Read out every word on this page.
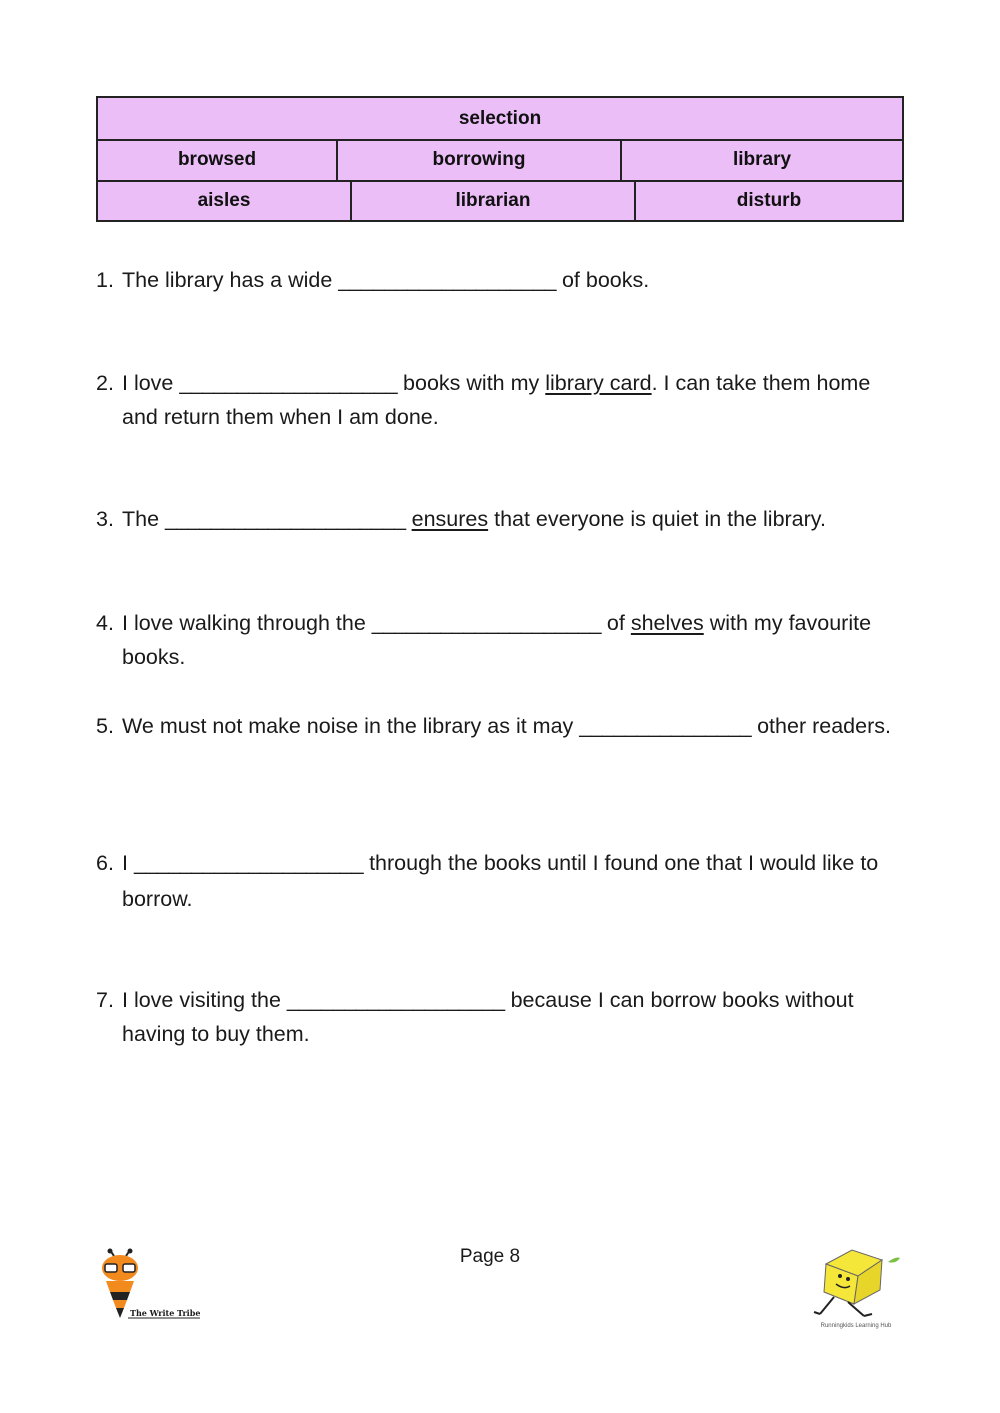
selection
browsed	borrowing	library
aisles	librarian	disturb
1. The library has a wide ___________________ of books.
2. I love ___________________ books with my library card. I can take them home and return them when I am done.
3. The _____________________ ensures that everyone is quiet in the library.
4. I love walking through the ____________________ of shelves with my favourite books.
5. We must not make noise in the library as it may _______________ other readers.
6. I ____________________ through the books until I found one that I would like to borrow.
7. I love visiting the ___________________ because I can borrow books without having to buy them.
Page 8
The Write Tribe
Runningkids Learning Hub
